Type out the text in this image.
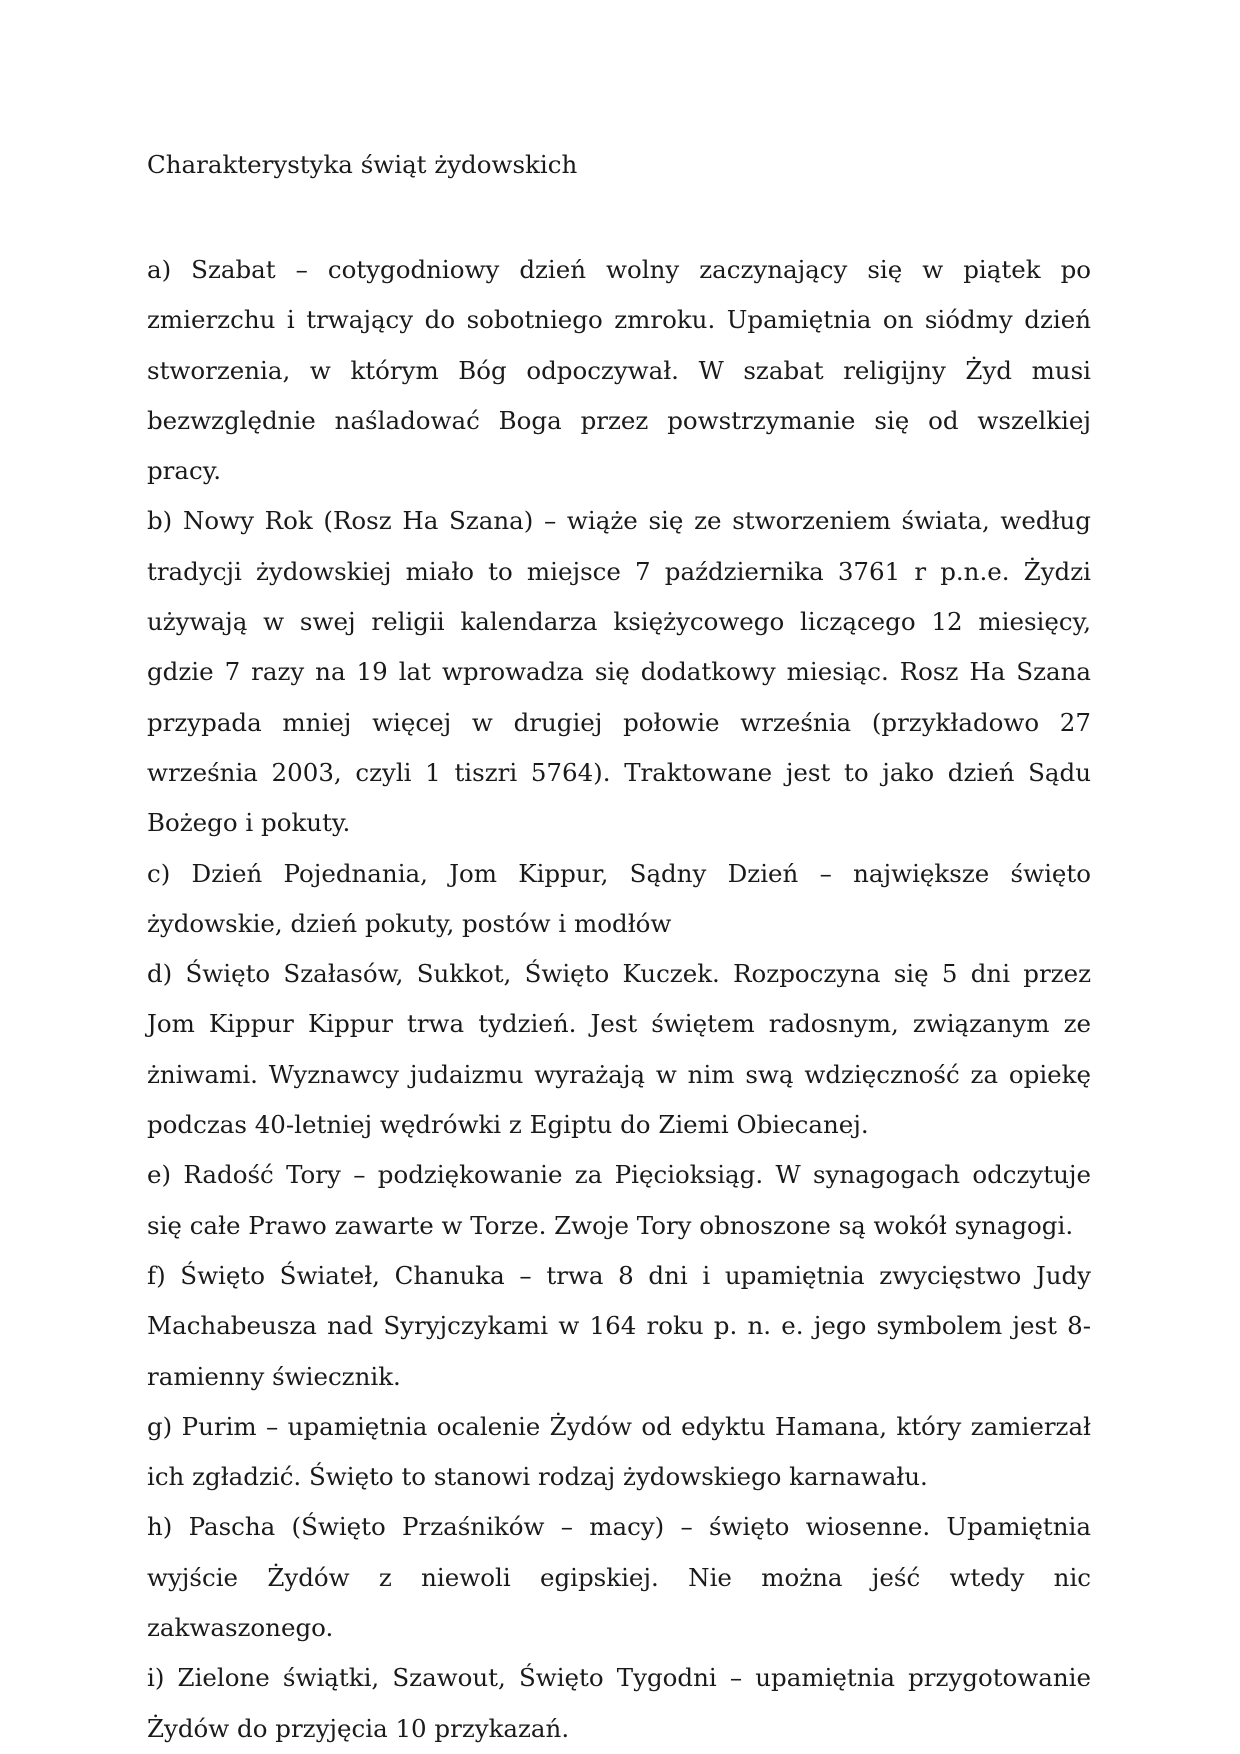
Charakterystyka świąt żydowskich

a) Szabat – cotygodniowy dzień wolny zaczynający się w piątek po zmierzchu i trwający do sobotniego zmroku. Upamiętnia on siódmy dzień stworzenia, w którym Bóg odpoczywał. W szabat religijny Żyd musi bezwzględnie naśladować Boga przez powstrzymanie się od wszelkiej pracy.

b) Nowy Rok (Rosz Ha Szana) – wiąże się ze stworzeniem świata, według tradycji żydowskiej miało to miejsce 7 października 3761 r p.n.e. Żydzi używają w swej religii kalendarza księżycowego liczącego 12 miesięcy, gdzie 7 razy na 19 lat wprowadza się dodatkowy miesiąc. Rosz Ha Szana przypada mniej więcej w drugiej połowie września (przykładowo 27 września 2003, czyli 1 tiszri 5764). Traktowane jest to jako dzień Sądu Bożego i pokuty.

c) Dzień Pojednania, Jom Kippur, Sądny Dzień – największe święto żydowskie, dzień pokuty, postów i modłów

d) Święto Szałasów, Sukkot, Święto Kuczek. Rozpoczyna się 5 dni przez Jom Kippur Kippur trwa tydzień. Jest świętem radosnym, związanym ze żniwami. Wyznawcy judaizmu wyrażają w nim swą wdzięczność za opiekę podczas 40-letniej wędrówki z Egiptu do Ziemi Obiecanej.

e) Radość Tory – podziękowanie za Pięcioksiąg. W synagogach odczytuje się całe Prawo zawarte w Torze. Zwoje Tory obnoszone są wokół synagogi.

f) Święto Świateł, Chanuka – trwa 8 dni i upamiętnia zwycięstwo Judy Machabeusza nad Syryjczykami w 164 roku p. n. e. jego symbolem jest 8-ramienny świecznik.

g) Purim – upamiętnia ocalenie Żydów od edyktu Hamana, który zamierzał ich zgładzić. Święto to stanowi rodzaj żydowskiego karnawału.

h) Pascha (Święto Przaśników – macy) – święto wiosenne. Upamiętnia wyjście Żydów z niewoli egipskiej. Nie można jeść wtedy nic zakwaszonego.

i) Zielone świątki, Szawout, Święto Tygodni – upamiętnia przygotowanie Żydów do przyjęcia 10 przykazań.
